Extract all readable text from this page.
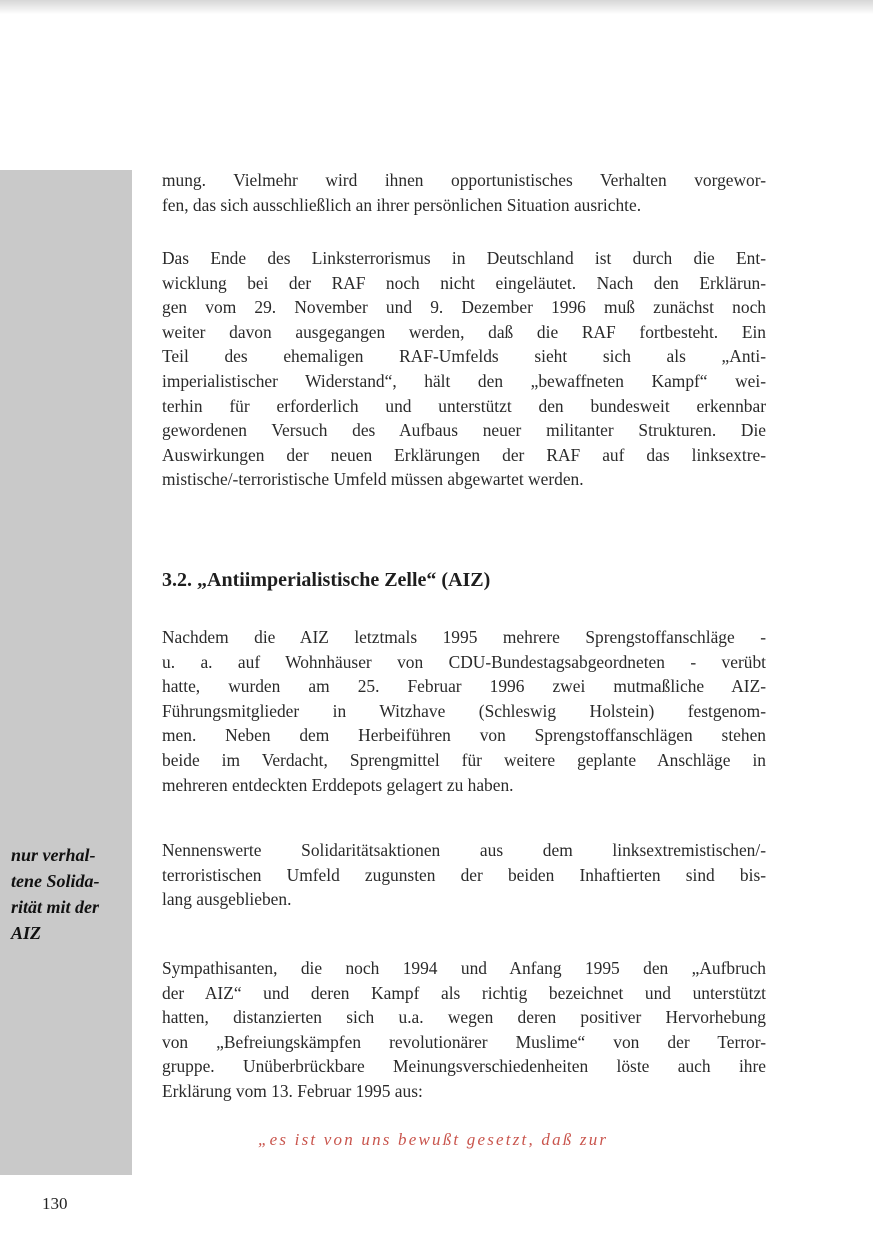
nur verhal-
tene Solida-
rität mit der
AIZ

mung. Vielmehr wird ihnen opportunistisches Verhalten vorgewor-
fen, das sich ausschließlich an ihrer persönlichen Situation ausrichte.

Das Ende des Linksterrorismus in Deutschland ist durch die Ent-
wicklung bei der RAF noch nicht eingeläutet. Nach den Erklärun-
gen vom 29. November und 9. Dezember 1996 muß zunächst noch
weiter davon ausgegangen werden, daß die RAF fortbesteht. Ein
Teil des ehemaligen RAF-Umfelds sieht sich als „Anti-
imperialistischer Widerstand“, hält den „bewaffneten Kampf“ wei-
terhin für erforderlich und unterstützt den bundesweit erkennbar
gewordenen Versuch des Aufbaus neuer militanter Strukturen. Die
Auswirkungen der neuen Erklärungen der RAF auf das linksextre-
mistische/-terroristische Umfeld müssen abgewartet werden.

3.2. „Antiimperialistische Zelle“ (AIZ)

Nachdem die AIZ letztmals 1995 mehrere Sprengstoffanschläge -
u. a. auf Wohnhäuser von CDU-Bundestagsabgeordneten - verübt
hatte, wurden am 25. Februar 1996 zwei mutmaßliche AIZ-
Führungsmitglieder in Witzhave (Schleswig Holstein) festgenom-
men. Neben dem Herbeiführen von Sprengstoffanschlägen stehen
beide im Verdacht, Sprengmittel für weitere geplante Anschläge in
mehreren entdeckten Erddepots gelagert zu haben.

Nennenswerte Solidaritätsaktionen aus dem linksextremistischen/-
terroristischen Umfeld zugunsten der beiden Inhaftierten sind bis-
lang ausgeblieben.

Sympathisanten, die noch 1994 und Anfang 1995 den „Aufbruch
der AIZ“ und deren Kampf als richtig bezeichnet und unterstützt
hatten, distanzierten sich u.a. wegen deren positiver Hervorhebung
von „Befreiungskämpfen revolutionärer Muslime“ von der Terror-
gruppe. Unüberbrückbare Meinungsverschiedenheiten löste auch ihre
Erklärung vom 13. Februar 1995 aus:

„es ist von uns bewußt gesetzt, daß zur
130
